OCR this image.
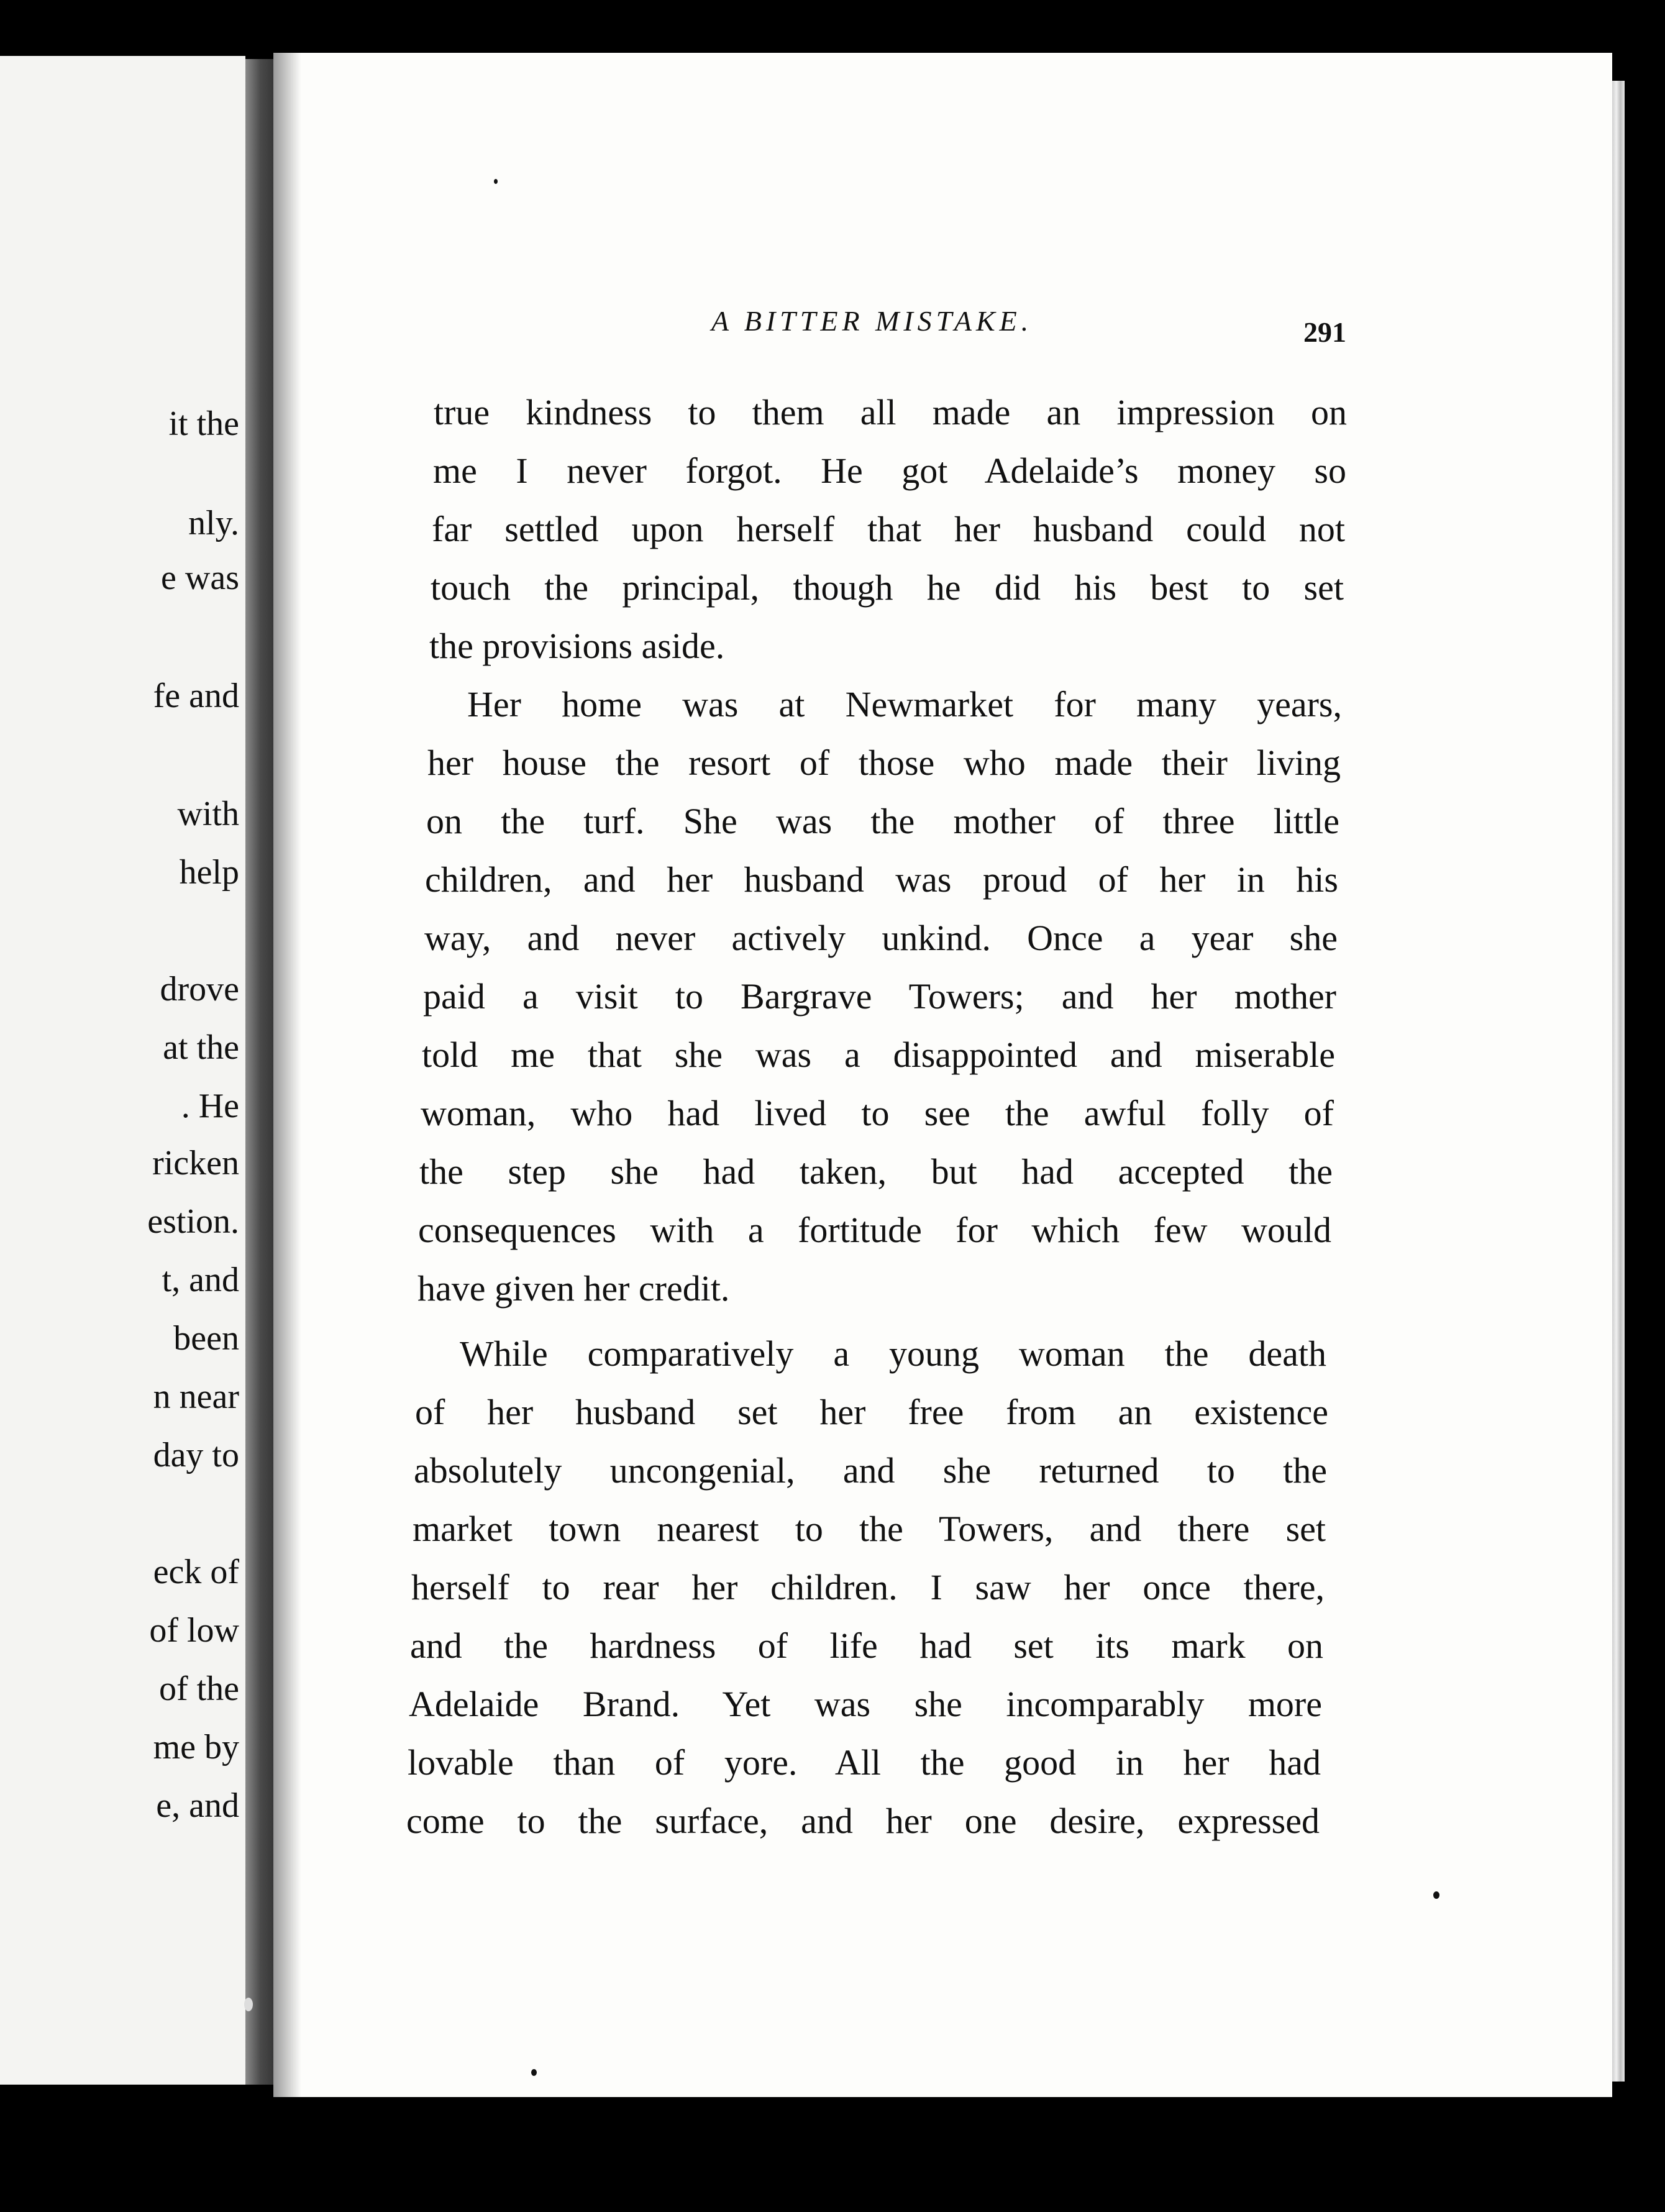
it the
nly.
e was
fe and
with
help
drove
at the
. He
ricken
estion.
t, and
been
n near
day to
eck of
of low
of the
me by
e, and
A BITTER MISTAKE.	291
true kindness to them all made an impression on
me I never forgot. He got Adelaide’s money so
far settled upon herself that her husband could not
touch the principal, though he did his best to set
the provisions aside.
Her home was at Newmarket for many years,
her house the resort of those who made their living
on the turf. She was the mother of three little
children, and her husband was proud of her in his
way, and never actively unkind. Once a year she
paid a visit to Bargrave Towers; and her mother
told me that she was a disappointed and miserable
woman, who had lived to see the awful folly of
the step she had taken, but had accepted the
consequences with a fortitude for which few would
have given her credit.
While comparatively a young woman the death
of her husband set her free from an existence
absolutely uncongenial, and she returned to the
market town nearest to the Towers, and there set
herself to rear her children. I saw her once there,
and the hardness of life had set its mark on
Adelaide Brand. Yet was she incomparably more
lovable than of yore. All the good in her had
come to the surface, and her one desire, expressed
